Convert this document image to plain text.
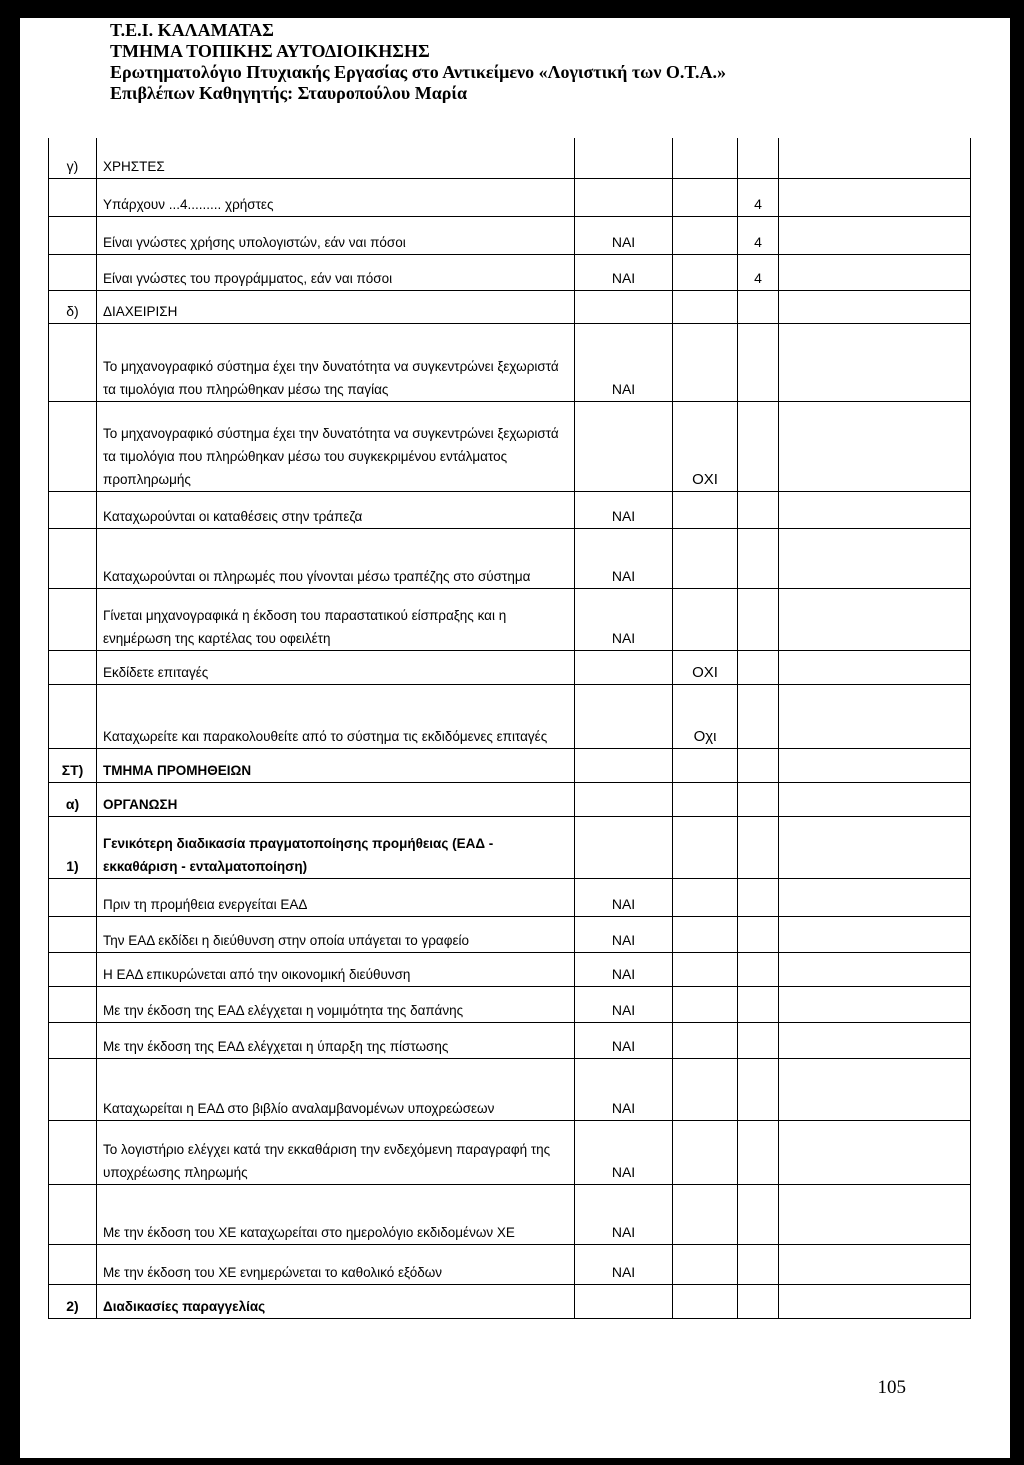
Τ.Ε.Ι. ΚΑΛΑΜΑΤΑΣ
ΤΜΗΜΑ ΤΟΠΙΚΗΣ ΑΥΤΟΔΙΟΙΚΗΣΗΣ
Ερωτηματολόγιο Πτυχιακής Εργασίας στο Αντικείμενο «Λογιστική των Ο.Τ.Α.»
Επιβλέπων Καθηγητής: Σταυροπούλου Μαρία
γ)	ΧΡΗΣΤΕΣ				
	Υπάρχουν ...4......... χρήστες			4	
	Είναι γνώστες χρήσης υπολογιστών, εάν ναι πόσοι	ΝΑΙ		4	
	Είναι γνώστες του προγράμματος, εάν ναι πόσοι	ΝΑΙ		4	
δ)	ΔΙΑΧΕΙΡΙΣΗ				
	Το μηχανογραφικό σύστημα έχει την δυνατότητα να συγκεντρώνει ξεχωριστά τα τιμολόγια που πληρώθηκαν μέσω της παγίας	ΝΑΙ			
	Το μηχανογραφικό σύστημα έχει την δυνατότητα να συγκεντρώνει ξεχωριστά τα τιμολόγια που πληρώθηκαν μέσω του συγκεκριμένου εντάλματος προπληρωμής		ΟΧΙ		
	Καταχωρούνται οι καταθέσεις στην τράπεζα	ΝΑΙ			
	Καταχωρούνται οι πληρωμές που γίνονται μέσω τραπέζης στο σύστημα	ΝΑΙ			
	Γίνεται μηχανογραφικά η έκδοση του παραστατικού είσπραξης και η ενημέρωση της καρτέλας του οφειλέτη	ΝΑΙ			
	Εκδίδετε επιταγές		ΟΧΙ		
	Καταχωρείτε και παρακολουθείτε από το σύστημα τις εκδιδόμενες επιταγές		Οχι		
ΣΤ)	ΤΜΗΜΑ ΠΡΟΜΗΘΕΙΩΝ				
α)	ΟΡΓΑΝΩΣΗ				
1)	Γενικότερη διαδικασία πραγματοποίησης προμήθειας (ΕΑΔ - εκκαθάριση - ενταλματοποίηση)				
	Πριν τη προμήθεια ενεργείται ΕΑΔ	ΝΑΙ			
	Την ΕΑΔ εκδίδει η διεύθυνση στην οποία υπάγεται το γραφείο	ΝΑΙ			
	Η ΕΑΔ επικυρώνεται από την οικονομική διεύθυνση	ΝΑΙ			
	Με την έκδοση της ΕΑΔ ελέγχεται η νομιμότητα της δαπάνης	ΝΑΙ			
	Με την έκδοση της ΕΑΔ ελέγχεται η ύπαρξη της πίστωσης	ΝΑΙ			
	Καταχωρείται η ΕΑΔ στο βιβλίο αναλαμβανομένων υποχρεώσεων	ΝΑΙ			
	Το λογιστήριο ελέγχει κατά την εκκαθάριση την ενδεχόμενη παραγραφή της υποχρέωσης πληρωμής	ΝΑΙ			
	Με την έκδοση του ΧΕ καταχωρείται στο ημερολόγιο εκδιδομένων ΧΕ	ΝΑΙ			
	Με την έκδοση του ΧΕ ενημερώνεται το καθολικό εξόδων	ΝΑΙ			
2)	Διαδικασίες παραγγελίας				
105
